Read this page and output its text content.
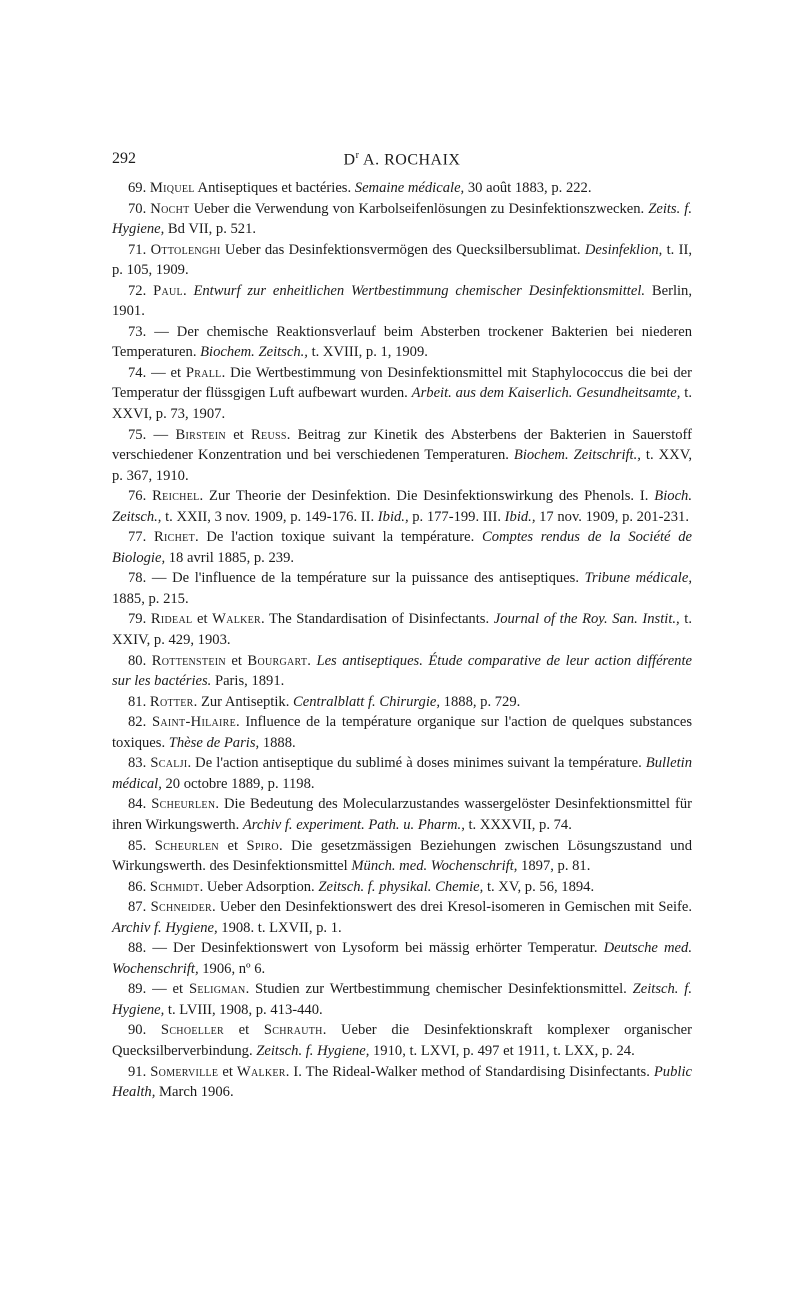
292	$D^r$ A. ROCHAIX
69. Miquel Antiseptiques et bactéries. Semaine médicale, 30 août 1883, p. 222.
70. Nocht Ueber die Verwendung von Karbolseifenlösungen zu Desinfektionszwecken. Zeits. f. Hygiene, Bd VII, p. 521.
71. Ottolenghi Ueber das Desinfektionsvermögen des Quecksilbersublimat. Desinfeklion, t. II, p. 105, 1909.
72. Paul. Entwurf zur enheitlichen Wertbestimmung chemischer Desinfektionsmittel. Berlin, 1901.
73. — Der chemische Reaktionsverlauf beim Absterben trockener Bakterien bei niederen Temperaturen. Biochem. Zeitsch., t. XVIII, p. 1, 1909.
74. — et Prall. Die Wertbestimmung von Desinfektionsmittel mit Staphylococcus die bei der Temperatur der flüssgigen Luft aufbewart wurden. Arbeit. aus dem Kaiserlich. Gesundheitsamte, t. XXVI, p. 73, 1907.
75. — Birstein et Reuss. Beitrag zur Kinetik des Absterbens der Bakterien in Sauerstoff verschiedener Konzentration und bei verschiedenen Temperaturen. Biochem. Zeitschrift., t. XXV, p. 367, 1910.
76. Reichel. Zur Theorie der Desinfektion. Die Desinfektionswirkung des Phenols. I. Bioch. Zeitsch., t. XXII, 3 nov. 1909, p. 149-176. II. Ibid., p. 177-199. III. Ibid., 17 nov. 1909, p. 201-231.
77. Richet. De l'action toxique suivant la température. Comptes rendus de la Société de Biologie, 18 avril 1885, p. 239.
78. — De l'influence de la température sur la puissance des antiseptiques. Tribune médicale, 1885, p. 215.
79. Rideal et Walker. The Standardisation of Disinfectants. Journal of the Roy. San. Instit., t. XXIV, p. 429, 1903.
80. Rottenstein et Bourgart. Les antiseptiques. Étude comparative de leur action différente sur les bactéries. Paris, 1891.
81. Rotter. Zur Antiseptik. Centralblatt f. Chirurgie, 1888, p. 729.
82. Saint-Hilaire. Influence de la température organique sur l'action de quelques substances toxiques. Thèse de Paris, 1888.
83. Scalji. De l'action antiseptique du sublimé à doses minimes suivant la température. Bulletin médical, 20 octobre 1889, p. 1198.
84. Scheurlen. Die Bedeutung des Molecularzustandes wassergelöster Desinfektionsmittel für ihren Wirkungswerth. Archiv f. experiment. Path. u. Pharm., t. XXXVII, p. 74.
85. Scheurlen et Spiro. Die gesetzmässigen Beziehungen zwischen Lösungszustand und Wirkungswerth. des Desinfektionsmittel Münch. med. Wochenschrift, 1897, p. 81.
86. Schmidt. Ueber Adsorption. Zeitsch. f. physikal. Chemie, t. XV, p. 56, 1894.
87. Schneider. Ueber den Desinfektionswert des drei Kresol-isomeren in Gemischen mit Seife. Archiv f. Hygiene, 1908. t. LXVII, p. 1.
88. — Der Desinfektionswert von Lysoform bei mässig erhörter Temperatur. Deutsche med. Wochenschrift, 1906, nº 6.
89. — et Seligman. Studien zur Wertbestimmung chemischer Desinfektionsmittel. Zeitsch. f. Hygiene, t. LVIII, 1908, p. 413-440.
90. Schoeller et Schrauth. Ueber die Desinfektionskraft komplexer organischer Quecksilberverbindung. Zeitsch. f. Hygiene, 1910, t. LXVI, p. 497 et 1911, t. LXX, p. 24.
91. Somerville et Walker. I. The Rideal-Walker method of Standardising Disinfectants. Public Health, March 1906.
